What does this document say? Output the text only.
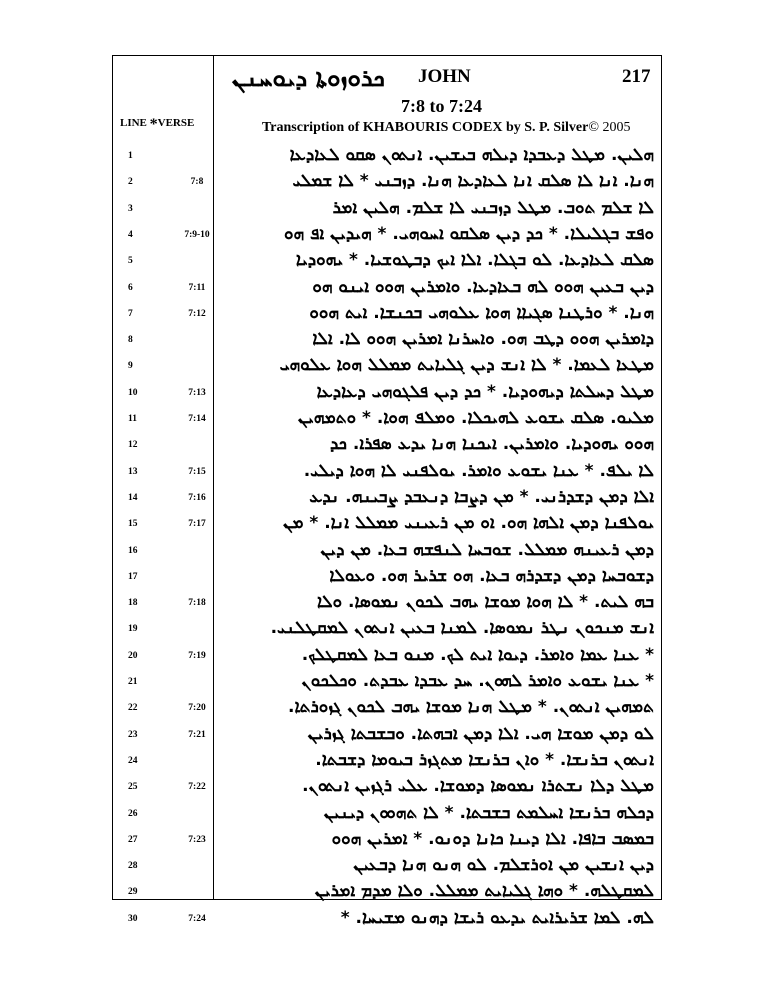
ܟܪܘܙܘܬܐ ܕܝܘܚܢܢ JOHN	217
7:8 to 7:24
Transcription of KHABOURIS CODEX by S. P. Silver© 2005
LINE *VERSE
1	ܗܠܝܢ. ܡܛܠ ܕܥܒܕܐ ܕܝܠܗ ܒܝܫܝܢ. ܐܢܬܘܢ ܣܩܘ ܠܥܐܕܥܐ
2	7:8	ܗܢܐ. ܐܢܐ ܠܐ ܣܠܩ ܐܢܐ ܠܥܐܕܥܐ ܗܢܐ. ܕܙܒܢܝ * ܠܐ ܫܡܠܝ
3	ܠܐ ܫܠܡ ܬܘܒ. ܡܛܠ ܕܙܒܢܝ ܠܐ ܫܠܡ. ܗܠܝܢ ܐܡܪ
4	7:9-10	ܘܦܫ ܒܓܠܝܠܐ. * ܟܕ ܕܝܢ ܣܠܩܘ ܐܚܘܗܝ. * ܗܝܕܝܢ ܐܦ ܗܘ
5	ܣܠܩ ܠܥܐܕܥܐ. ܠܘ ܒܓܠܐ. ܐܠܐ ܐܝܟ ܕܒܛܘܫܝܐ. * ܝܗܘܕܝܐ
6	7:11	ܕܝܢ ܒܥܝܢ ܗܘܘ ܠܗ ܒܥܐܕܥܐ. ܘܐܡܪܝܢ ܗܘܘ ܐܝܢܘ ܗܘ
7	7:12	ܗܢܐ. * ܘܪܛܢܐ ܣܓܝܐܐ ܗܘܐ ܥܠܘܗܝ ܒܟܢܫܐ. ܐܝܬ ܗܘܘ
8	ܕܐܡܪܝܢ ܗܘܘ ܕܛܒ ܗܘ. ܘܐܚܪܢܐ ܐܡܪܝܢ ܗܘܘ ܠܐ. ܐܠܐ
9	ܡܛܥܐ ܠܥܡܐ. * ܠܐ ܐܢܫ ܕܝܢ ܓܠܝܐܝܬ ܡܡܠܠ ܗܘܐ ܥܠܘܗܝ
10	7:13	ܡܛܠ ܕܚܠܬܐ ܕܝܗܘܕܝܐ. * ܟܕ ܕܝܢ ܦܠܓܘܗܝ ܕܥܐܕܥܐ
11	7:14	ܡܠܝܘ. ܣܠܩ ܝܫܘܥ ܠܗܝܟܠܐ. ܘܡܠܦ ܗܘܐ. * ܘܬܡܗܝܢ
12	ܗܘܘ ܝܗܘܕܝܐ. ܘܐܡܪܝܢ. ܐܝܟܢܐ ܗܢܐ ܝܕܥ ܣܦܪܐ. ܟܕ
13	7:15	ܠܐ ܝܠܦ. * ܥܢܐ ܝܫܘܥ ܘܐܡܪ. ܝܘܠܦܢܝ ܠܐ ܗܘܐ ܕܝܠܝ.
14	7:16	ܐܠܐ ܕܡܢ ܕܫܕܪܢܝ. * ܡܢ ܕܨܒܐ ܕܢܥܒܕ ܨܒܝܢܗ. ܢܕܥ
15	7:17	ܝܘܠܦܢܐ ܕܡܢ ܐܠܗܐ ܗܘ. ܐܘ ܡܢ ܪܥܝܢܝ ܡܡܠܠ ܐܢܐ. * ܡܢ
16	ܕܡܢ ܪܥܝܢܗ ܡܡܠܠ. ܫܘܒܚܐ ܠܢܦܫܗ ܒܥܐ. ܡܢ ܕܝܢ
17	ܕܫܘܒܚܐ ܕܡܢ ܕܫܕܪܗ ܒܥܐ. ܗܘ ܫܪܝܪ ܗܘ. ܘܥܘܠܐ
18	7:18	ܒܗ ܠܝܬ. * ܠܐ ܗܘܐ ܡܘܫܐ ܝܗܒ ܠܟܘܢ ܢܡܘܣܐ. ܘܠܐ
19	ܐܢܫ ܡܢܟܘܢ ܢܛܪ ܢܡܘܣܐ. ܠܡܢܐ ܒܥܝܢ ܐܢܬܘܢ ܠܡܩܛܠܢܝ.
20	7:19	* ܥܢܐ ܥܡܐ ܘܐܡܪ. ܕܝܘܐ ܐܝܬ ܠܟ. ܡܢܘ ܒܥܐ ܠܡܩܛܠܟ.
21	* ܥܢܐ ܝܫܘܥ ܘܐܡܪ ܠܗܘܢ. ܚܕ ܥܒܕܐ ܥܒܕܬ. ܘܟܠܟܘܢ
22	7:20	ܬܡܗܝܢ ܐܢܬܘܢ. * ܡܛܠ ܗܢܐ ܡܘܫܐ ܝܗܒ ܠܟܘܢ ܓܙܘܪܬܐ.
23	7:21	ܠܘ ܕܡܢ ܡܘܫܐ ܗܝ. ܐܠܐ ܕܡܢ ܐܒܗܬܐ. ܘܒܫܒܬܐ ܓܙܪܝܢ
24	ܐܢܬܘܢ ܒܪܢܫܐ. * ܘܐܢ ܒܪܢܫܐ ܡܬܓܙܪ ܒܝܘܡܐ ܕܫܒܬܐ.
25	7:22	ܡܛܠ ܕܠܐ ܢܫܬܪܐ ܢܡܘܣܐ ܕܡܘܫܐ. ܥܠܝ ܪܓܙܝܢ ܐܢܬܘܢ.
26	ܕܟܠܗ ܒܪܢܫܐ ܐܚܠܡܬ ܒܫܒܬܐ. * ܠܐ ܬܗܘܘܢ ܕܝܢܝܢ
27	7:23	ܒܡܣܒ ܒܐܦܐ. ܐܠܐ ܕܝܢܐ ܟܐܢܐ ܕܘܢܘ. * ܐܡܪܝܢ ܗܘܘ
28	ܕܝܢ ܐܢܫܝܢ ܡܢ ܐܘܪܫܠܡ. ܠܘ ܗܢܘ ܗܢܐ ܕܒܥܝܢ
29	ܠܡܩܛܠܗ. * ܘܗܐ ܓܠܝܐܝܬ ܡܡܠܠ. ܘܠܐ ܡܕܡ ܐܡܪܝܢ
30	7:24	ܠܗ. ܠܡܐ ܫܪܝܪܐܝܬ ܝܕܥܘ ܪܝܫܐ ܕܗܢܘ ܡܫܝܚܐ. *
